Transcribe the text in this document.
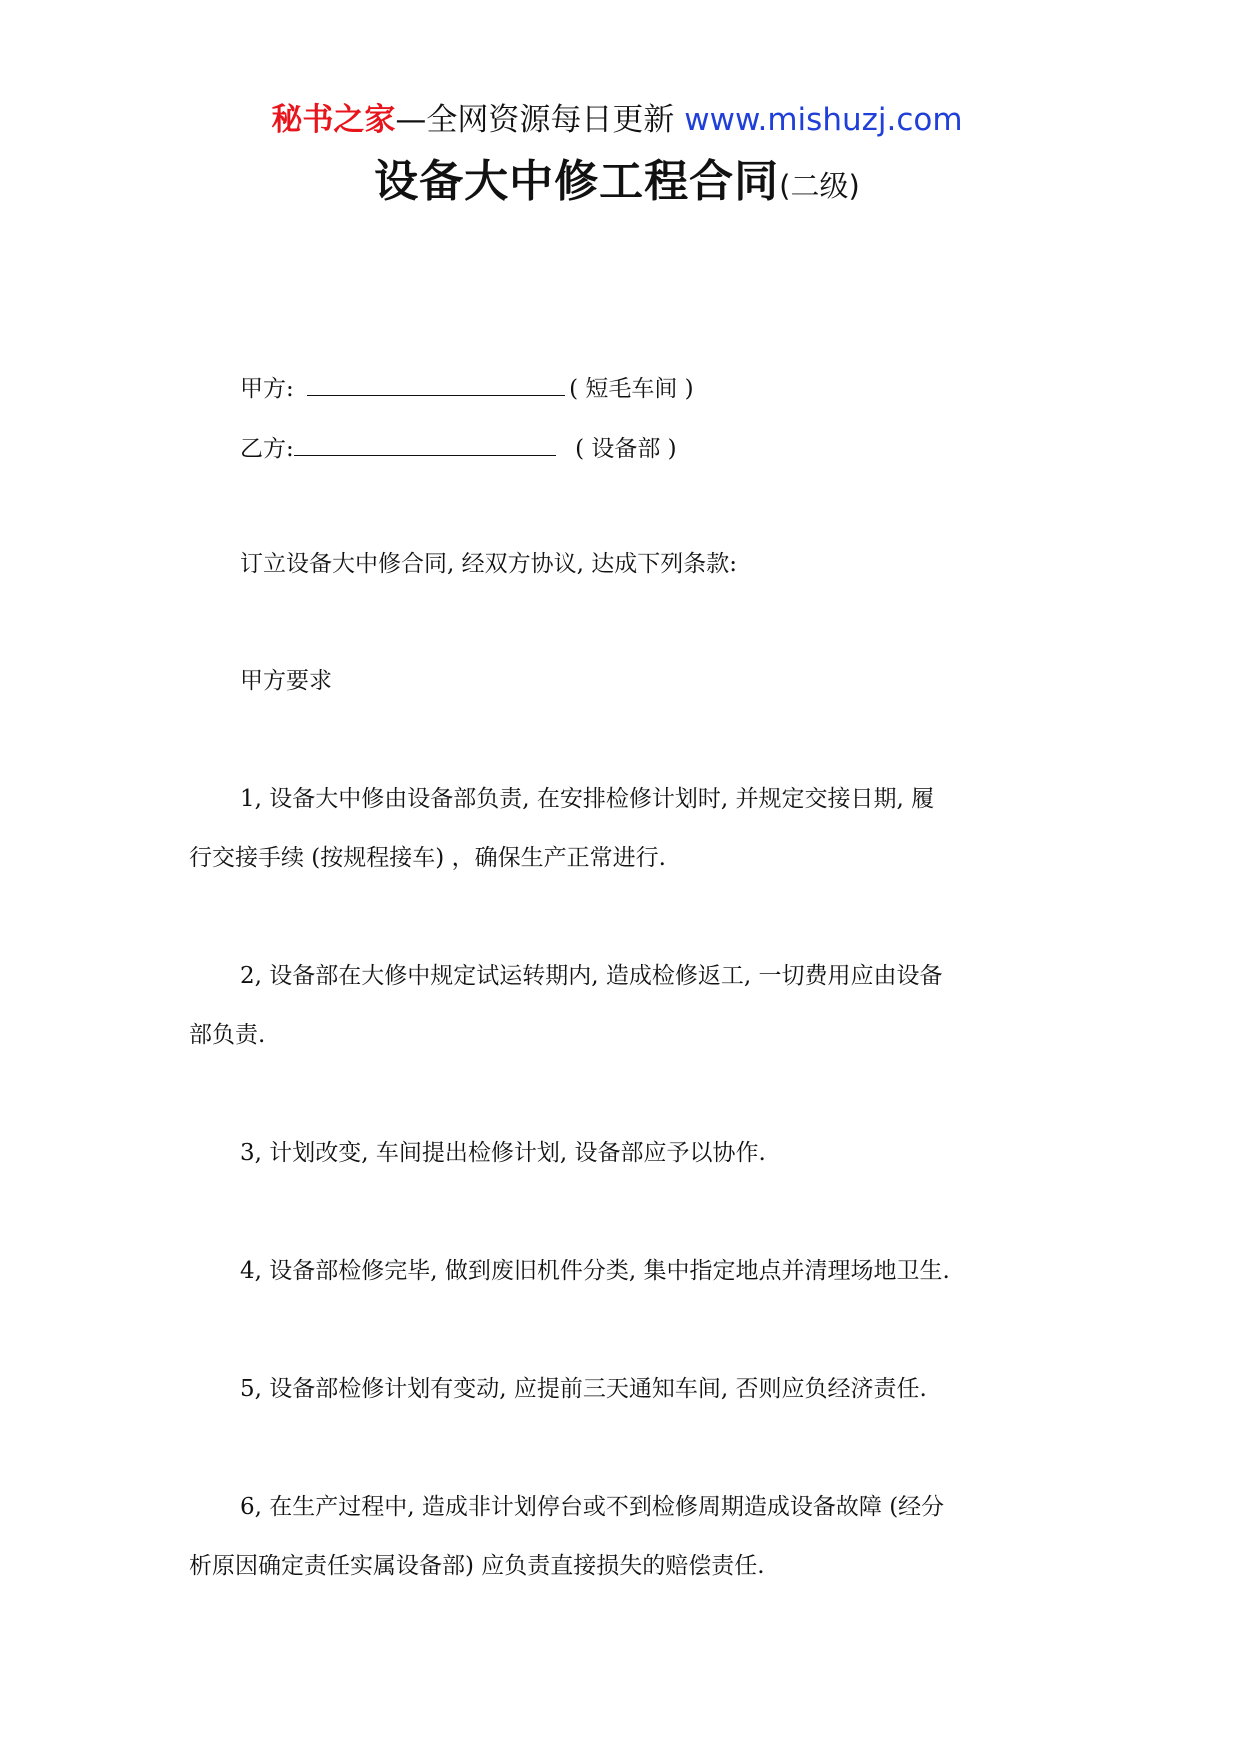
秘书之家—全网资源每日更新 www.mishuzj.com
设备大中修工程合同(二级)
甲方:	( 短毛车间 )
乙方:	( 设备部 )
订立设备大中修合同, 经双方协议, 达成下列条款:
甲方要求
1, 设备大中修由设备部负责, 在安排检修计划时, 并规定交接日期, 履
行交接手续 (按规程接车) ，确保生产正常进行.
2, 设备部在大修中规定试运转期内, 造成检修返工, 一切费用应由设备
部负责.
3, 计划改变, 车间提出检修计划, 设备部应予以协作.
4, 设备部检修完毕, 做到废旧机件分类, 集中指定地点并清理场地卫生.
5, 设备部检修计划有变动, 应提前三天通知车间, 否则应负经济责任.
6, 在生产过程中, 造成非计划停台或不到检修周期造成设备故障 (经分
析原因确定责任实属设备部) 应负责直接损失的赔偿责任.
